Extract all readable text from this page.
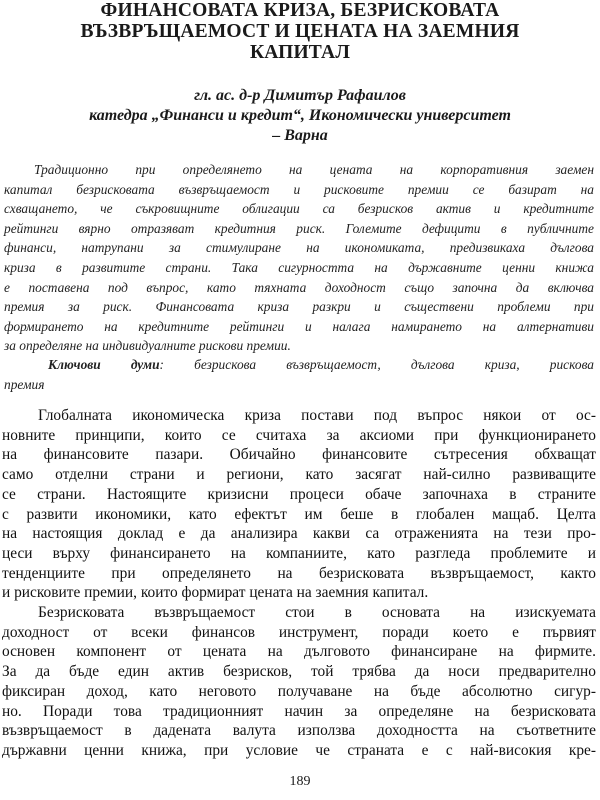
ФИНАНСОВАТА КРИЗА, БЕЗРИСКОВАТА
ВЪЗВРЪЩАЕМОСТ И ЦЕНАТА НА ЗАЕМНИЯ
КАПИТАЛ
гл. ас. д-р Димитър Рафаилов
катедра „Финанси и кредит“, Икономически университет
– Варна
Традиционно при определянето на цената на корпоративния заемен
капитал безрисковата възвръщаемост и рисковите премии се базират на
схващането, че съкровищните облигации са безрисков актив и кредитните
рейтинги вярно отразяват кредитния риск. Големите дефицити в публичните
финанси, натрупани за стимулиране на икономиката, предизвикаха дългова
криза в развитите страни. Така сигурността на държавните ценни книжа
е поставена под въпрос, като тяхната доходност също започна да включва
премия за риск. Финансовата криза разкри и съществени проблеми при
формирането на кредитните рейтинги и налага намирането на алтернативи
за определяне на индивидуалните рискови премии.
Ключови думи: безрискова възвръщаемост, дългова криза, рискова
премия
Глобалната икономическа криза постави под въпрос някои от ос-
новните принципи, които се считаха за аксиоми при функционирането
на финансовите пазари. Обичайно финансовите сътресения обхващат
само отделни страни и региони, като засягат най-силно развиващите
се страни. Настоящите кризисни процеси обаче започнаха в страните
с развити икономики, като ефектът им беше в глобален мащаб. Целта
на настоящия доклад е да анализира какви са отраженията на тези про-
цеси върху финансирането на компаниите, като разгледа проблемите и
тенденциите при определянето на безрисковата възвръщаемост, както
и рисковите премии, които формират цената на заемния капитал.
Безрисковата възвръщаемост стои в основата на изискуемата
доходност от всеки финансов инструмент, поради което е първият
основен компонент от цената на дълговото финансиране на фирмите.
За да бъде един актив безрисков, той трябва да носи предварително
фиксиран доход, като неговото получаване на бъде абсолютно сигур-
но. Поради това традиционният начин за определяне на безрисковата
възвръщаемост в дадената валута използва доходността на съответните
държавни ценни книжа, при условие че страната е с най-високия кре-
189
